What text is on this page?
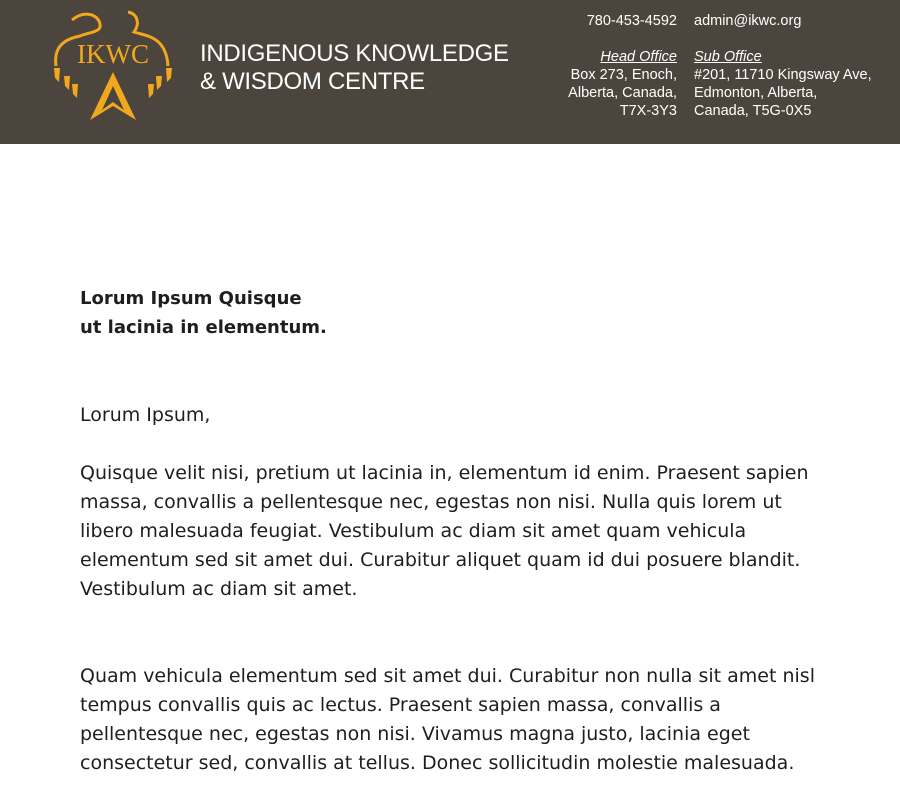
IKWC INDIGENOUS KNOWLEDGE
& WISDOM CENTRE
780-453-4592
Head Office
Box 273, Enoch,
Alberta, Canada,
T7X-3Y3
admin@ikwc.org
Sub Office
#201, 11710 Kingsway Ave,
Edmonton, Alberta,
Canada, T5G-0X5

Lorum Ipsum Quisque
ut lacinia in elementum.

Lorum Ipsum,

Quisque velit nisi, pretium ut lacinia in, elementum id enim. Praesent sapien massa, convallis a pellentesque nec, egestas non nisi. Nulla quis lorem ut libero malesuada feugiat. Vestibulum ac diam sit amet quam vehicula elementum sed sit amet dui. Curabitur aliquet quam id dui posuere blandit. Vestibulum ac diam sit amet.

Quam vehicula elementum sed sit amet dui. Curabitur non nulla sit amet nisl tempus convallis quis ac lectus. Praesent sapien massa, convallis a pellentesque nec, egestas non nisi. Vivamus magna justo, lacinia eget consectetur sed, convallis at tellus. Donec sollicitudin molestie malesuada.
